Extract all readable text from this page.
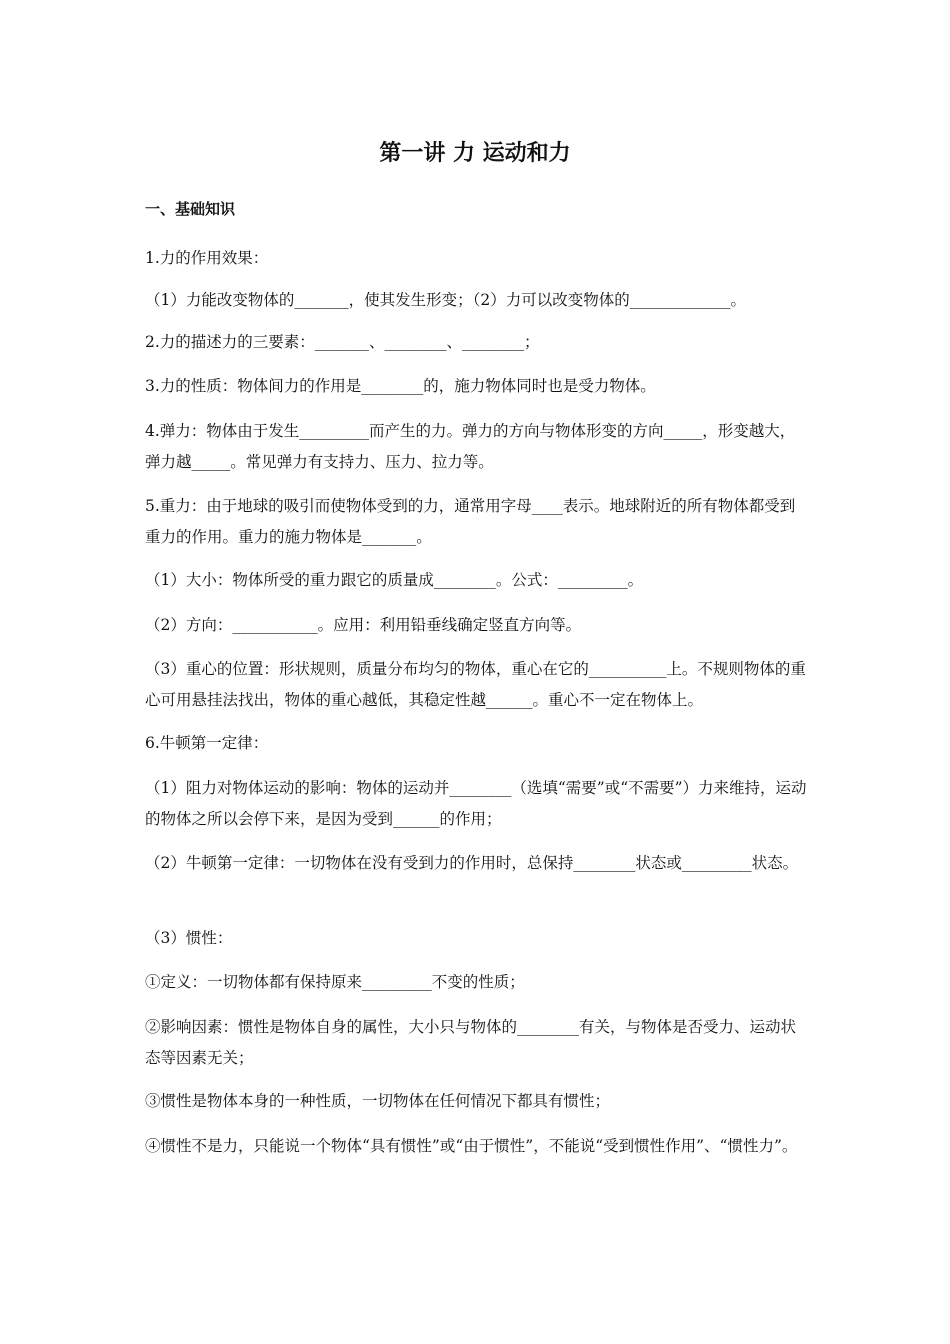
第一讲 力 运动和力
一、基础知识

1.力的作用效果：

（1）力能改变物体的_______，使其发生形变；（2）力可以改变物体的_____________。

2.力的描述力的三要素：_______、________、________；

3.力的性质：物体间力的作用是________的，施力物体同时也是受力物体。

4.弹力：物体由于发生_________而产生的力。弹力的方向与物体形变的方向_____，形变越大，弹力越_____。常见弹力有支持力、压力、拉力等。

5.重力：由于地球的吸引而使物体受到的力，通常用字母____表示。地球附近的所有物体都受到重力的作用。重力的施力物体是_______。

（1）大小：物体所受的重力跟它的质量成________。公式：_________。

（2）方向：___________。应用：利用铅垂线确定竖直方向等。

（3）重心的位置：形状规则，质量分布均匀的物体，重心在它的__________上。不规则物体的重心可用悬挂法找出，物体的重心越低，其稳定性越______。重心不一定在物体上。

6.牛顿第一定律：

（1）阻力对物体运动的影响：物体的运动并________（选填“需要”或“不需要”）力来维持，运动的物体之所以会停下来，是因为受到______的作用；

（2）牛顿第一定律：一切物体在没有受到力的作用时，总保持________状态或_________状态。

（3）惯性：

①定义：一切物体都有保持原来_________不变的性质；

②影响因素：惯性是物体自身的属性，大小只与物体的________有关，与物体是否受力、运动状态等因素无关；

③惯性是物体本身的一种性质，一切物体在任何情况下都具有惯性；

④惯性不是力，只能说一个物体“具有惯性”或“由于惯性”，不能说“受到惯性作用”、“惯性力”。
